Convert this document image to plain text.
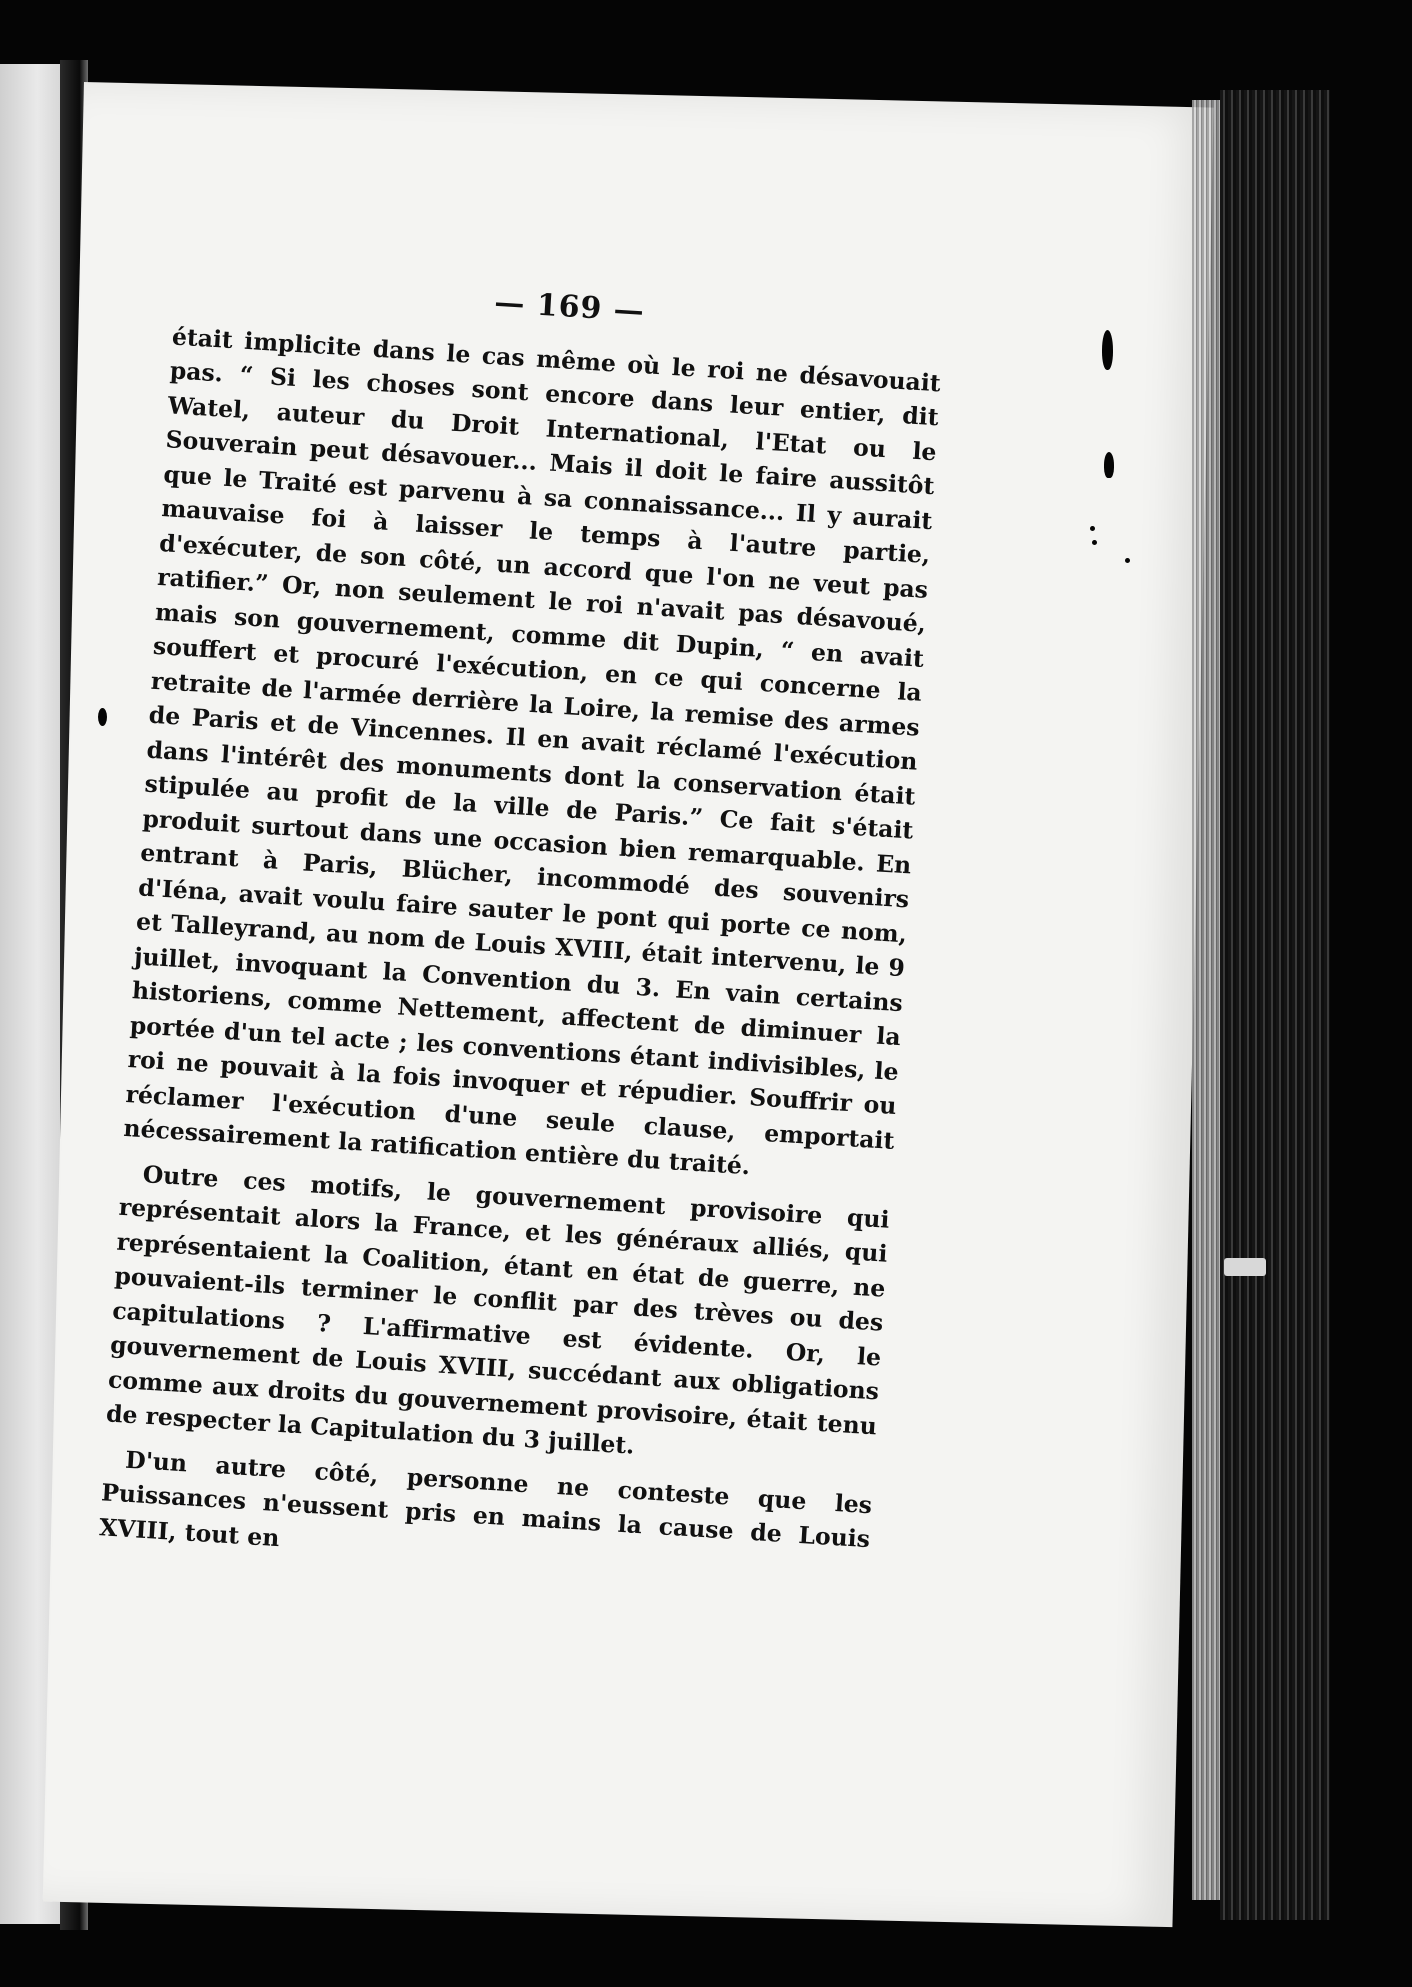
— 169 —

était implicite dans le cas même où le roi ne désavouait pas. “ Si les choses sont encore dans leur entier, dit Watel, auteur du Droit International, l'Etat ou le Souverain peut désavouer... Mais il doit le faire aussitôt que le Traité est parvenu à sa connaissance... Il y aurait mauvaise foi à laisser le temps à l'autre partie, d'exécuter, de son côté, un accord que l'on ne veut pas ratifier.” Or, non seulement le roi n'avait pas désavoué, mais son gouvernement, comme dit Dupin, “ en avait souffert et procuré l'exécution, en ce qui concerne la retraite de l'armée derrière la Loire, la remise des armes de Paris et de Vincennes. Il en avait réclamé l'exécution dans l'intérêt des monuments dont la conservation était stipulée au profit de la ville de Paris.” Ce fait s'était produit surtout dans une occasion bien remarquable. En entrant à Paris, Blücher, incommodé des souvenirs d'Iéna, avait voulu faire sauter le pont qui porte ce nom, et Talleyrand, au nom de Louis XVIII, était intervenu, le 9 juillet, invoquant la Convention du 3. En vain certains historiens, comme Nettement, affectent de diminuer la portée d'un tel acte ; les conventions étant indivisibles, le roi ne pouvait à la fois invoquer et répudier. Souffrir ou réclamer l'exécution d'une seule clause, emportait nécessairement la ratification entière du traité.

Outre ces motifs, le gouvernement provisoire qui représentait alors la France, et les généraux alliés, qui représentaient la Coalition, étant en état de guerre, ne pouvaient-ils terminer le conflit par des trèves ou des capitulations ? L'affirmative est évidente. Or, le gouvernement de Louis XVIII, succédant aux obligations comme aux droits du gouvernement provisoire, était tenu de respecter la Capitulation du 3 juillet.

D'un autre côté, personne ne conteste que les Puissances n'eussent pris en mains la cause de Louis XVIII, tout en
